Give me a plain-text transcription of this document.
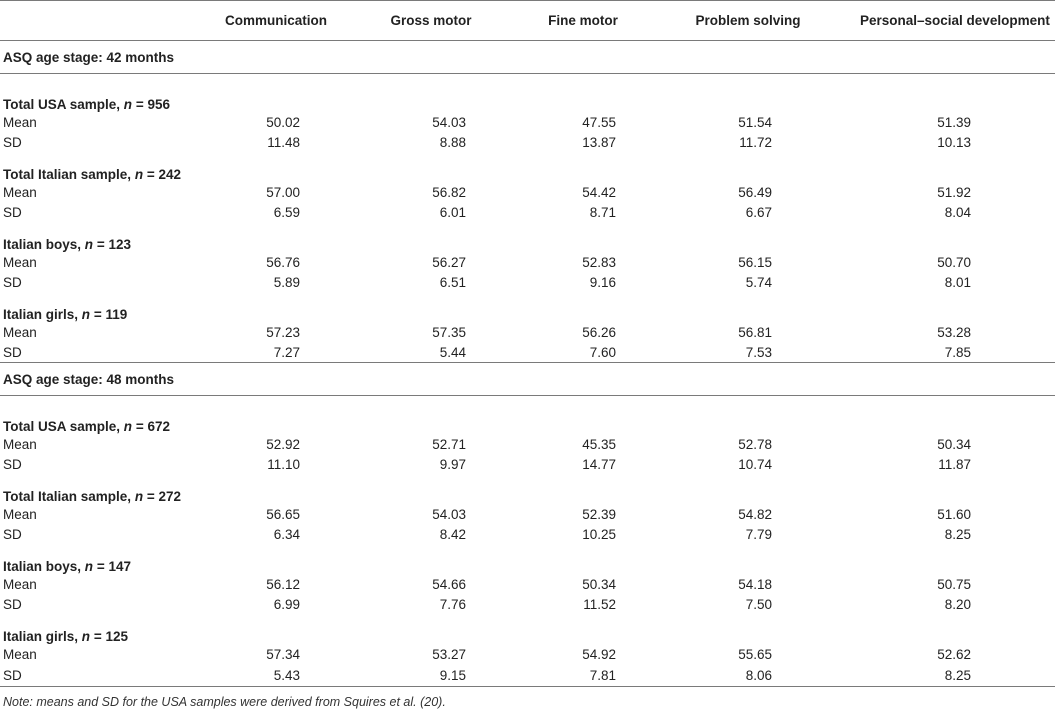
	Communication	Gross motor	Fine motor	Problem solving	Personal–social development
ASQ age stage: 42 months					
Total USA sample, n = 956					
Mean	50.02	54.03	47.55	51.54	51.39
SD	11.48	8.88	13.87	11.72	10.13
Total Italian sample, n = 242					
Mean	57.00	56.82	54.42	56.49	51.92
SD	6.59	6.01	8.71	6.67	8.04
Italian boys, n = 123					
Mean	56.76	56.27	52.83	56.15	50.70
SD	5.89	6.51	9.16	5.74	8.01
Italian girls, n = 119					
Mean	57.23	57.35	56.26	56.81	53.28
SD	7.27	5.44	7.60	7.53	7.85
ASQ age stage: 48 months					
Total USA sample, n = 672					
Mean	52.92	52.71	45.35	52.78	50.34
SD	11.10	9.97	14.77	10.74	11.87
Total Italian sample, n = 272					
Mean	56.65	54.03	52.39	54.82	51.60
SD	6.34	8.42	10.25	7.79	8.25
Italian boys, n = 147					
Mean	56.12	54.66	50.34	54.18	50.75
SD	6.99	7.76	11.52	7.50	8.20
Italian girls, n = 125					
Mean	57.34	53.27	54.92	55.65	52.62
SD	5.43	9.15	7.81	8.06	8.25
Note: means and SD for the USA samples were derived from Squires et al. (20).					
